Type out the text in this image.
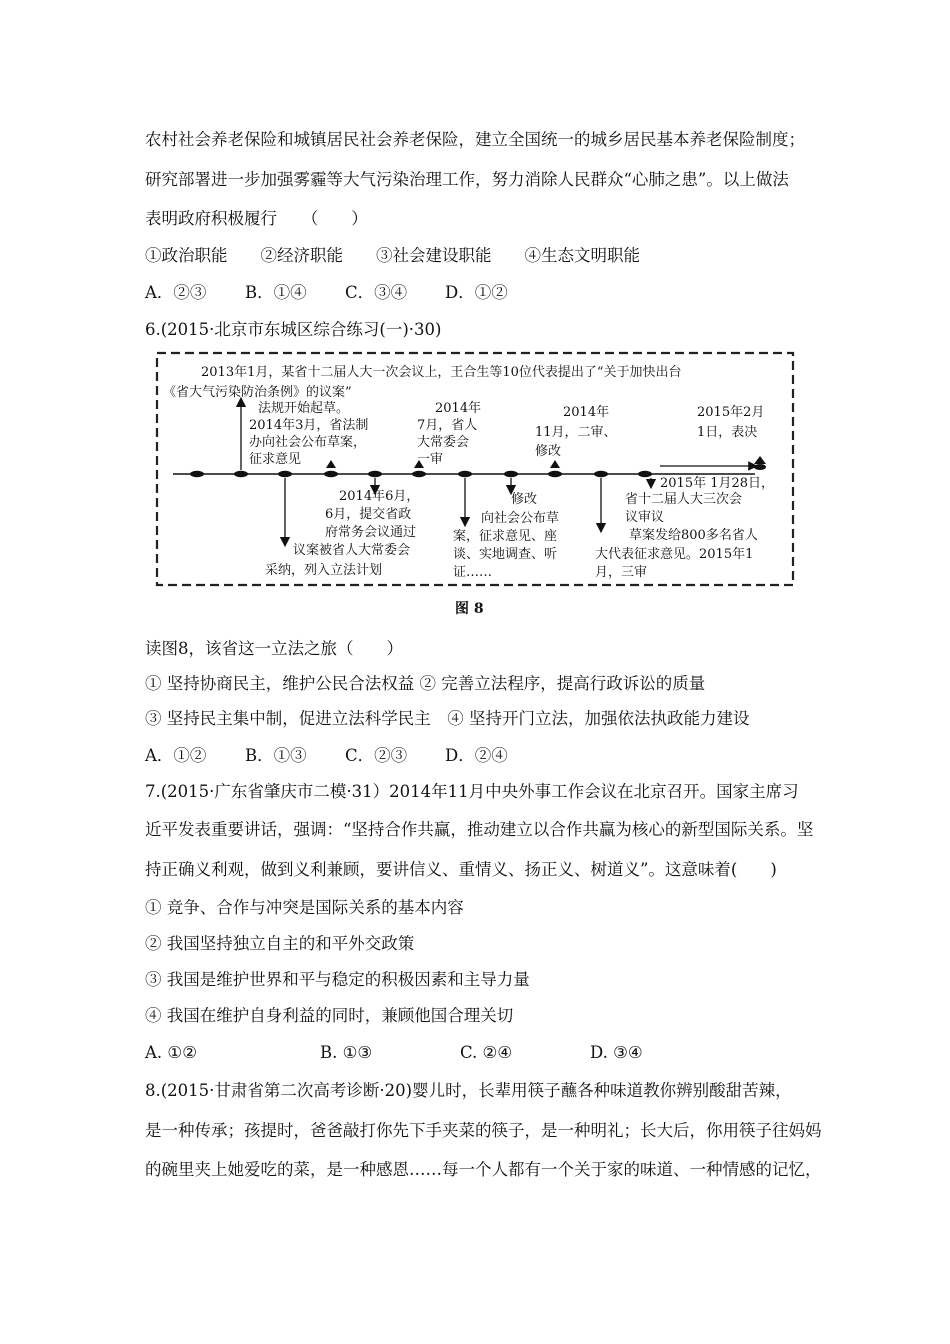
农村社会养老保险和城镇居民社会养老保险，建立全国统一的城乡居民基本养老保险制度；
研究部署进一步加强雾霾等大气污染治理工作，努力消除人民群众“心肺之患”。以上做法
表明政府积极履行　　（　　）
①政治职能　　②经济职能　　③社会建设职能　　④生态文明职能
A．②③ B．①④ C．③④ D．①②
6.(2015·北京市东城区综合练习(一)·30)
2013年1月，某省十二届人大一次会议上，王合生等10位代表提出了“关于加快出台
《省大气污染防治条例》的议案”
法规开始起草。
2014年3月，省法制
办向社会公布草案，
征求意见
2014年
7月，省人
大常委会
一审
2014年
11月，二审、
修改
2015年2月
1日，表决
议案被省人大常委会
采纳，列入立法计划
2014年6月，
6月，提交省政
府常务会议通过
修改
向社会公布草
案，征求意见、座
谈、实地调查、听
证……
省十二届人大三次会
议审议
草案发给800多名省人
大代表征求意见。2015年1
月，三审
2015年 1月28日，
图 8
读图8，该省这一立法之旅（　　）
① 坚持协商民主，维护公民合法权益 ② 完善立法程序，提高行政诉讼的质量
③ 坚持民主集中制，促进立法科学民主　④ 坚持开门立法，加强依法执政能力建设
A．①② B．①③ C．②③ D．②④
7.(2015·广东省肇庆市二模·31）2014年11月中央外事工作会议在北京召开。国家主席习
近平发表重要讲话，强调：“坚持合作共赢，推动建立以合作共赢为核心的新型国际关系。坚
持正确义利观，做到义利兼顾，要讲信义、重情义、扬正义、树道义”。这意味着(　　)
① 竞争、合作与冲突是国际关系的基本内容
② 我国坚持独立自主的和平外交政策
③ 我国是维护世界和平与稳定的积极因素和主导力量
④ 我国在维护自身利益的同时，兼顾他国合理关切
A. ①②	B. ①③	C. ②④	D. ③④
8.(2015·甘肃省第二次高考诊断·20)婴儿时，长辈用筷子蘸各种味道教你辨别酸甜苦辣，
是一种传承；孩提时，爸爸敲打你先下手夹菜的筷子，是一种明礼；长大后，你用筷子往妈妈
的碗里夹上她爱吃的菜，是一种感恩……每一个人都有一个关于家的味道、一种情感的记忆，
